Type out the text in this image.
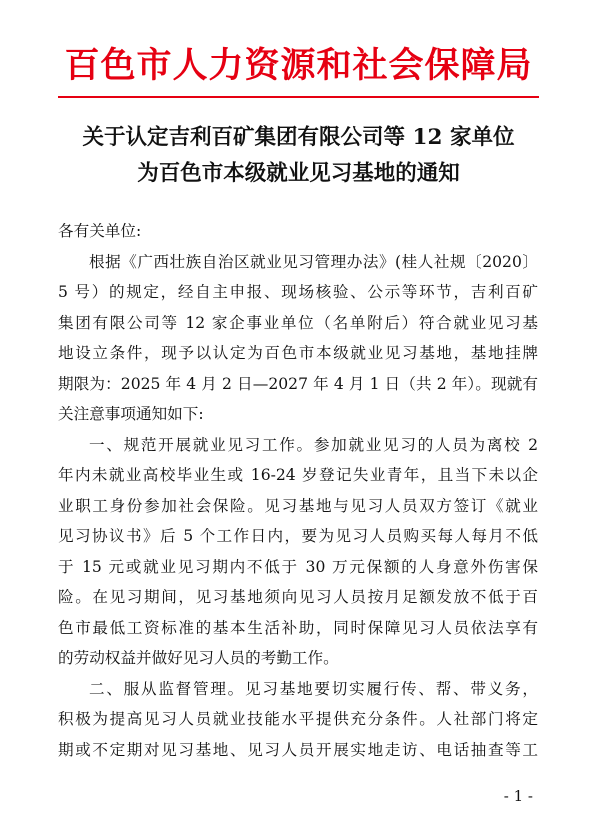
百色市人力资源和社会保障局
关于认定吉利百矿集团有限公司等 12 家单位
为百色市本级就业见习基地的通知
各有关单位:
根据《广西壮族自治区就业见习管理办法》(桂人社规〔2020〕
5 号）的规定，经自主申报、现场核验、公示等环节，吉利百矿
集团有限公司等 12 家企事业单位（名单附后）符合就业见习基
地设立条件，现予以认定为百色市本级就业见习基地，基地挂牌
期限为：2025 年 4 月 2 日—2027 年 4 月 1 日（共 2 年）。现就有
关注意事项通知如下:
一、规范开展就业见习工作。参加就业见习的人员为离校 2
年内未就业高校毕业生或 16-24 岁登记失业青年，且当下未以企
业职工身份参加社会保险。见习基地与见习人员双方签订《就业
见习协议书》后 5 个工作日内，要为见习人员购买每人每月不低
于 15 元或就业见习期内不低于 30 万元保额的人身意外伤害保
险。在见习期间，见习基地须向见习人员按月足额发放不低于百
色市最低工资标准的基本生活补助，同时保障见习人员依法享有
的劳动权益并做好见习人员的考勤工作。
二、服从监督管理。见习基地要切实履行传、帮、带义务，
积极为提高见习人员就业技能水平提供充分条件。人社部门将定
期或不定期对见习基地、见习人员开展实地走访、电话抽查等工
- 1 -
